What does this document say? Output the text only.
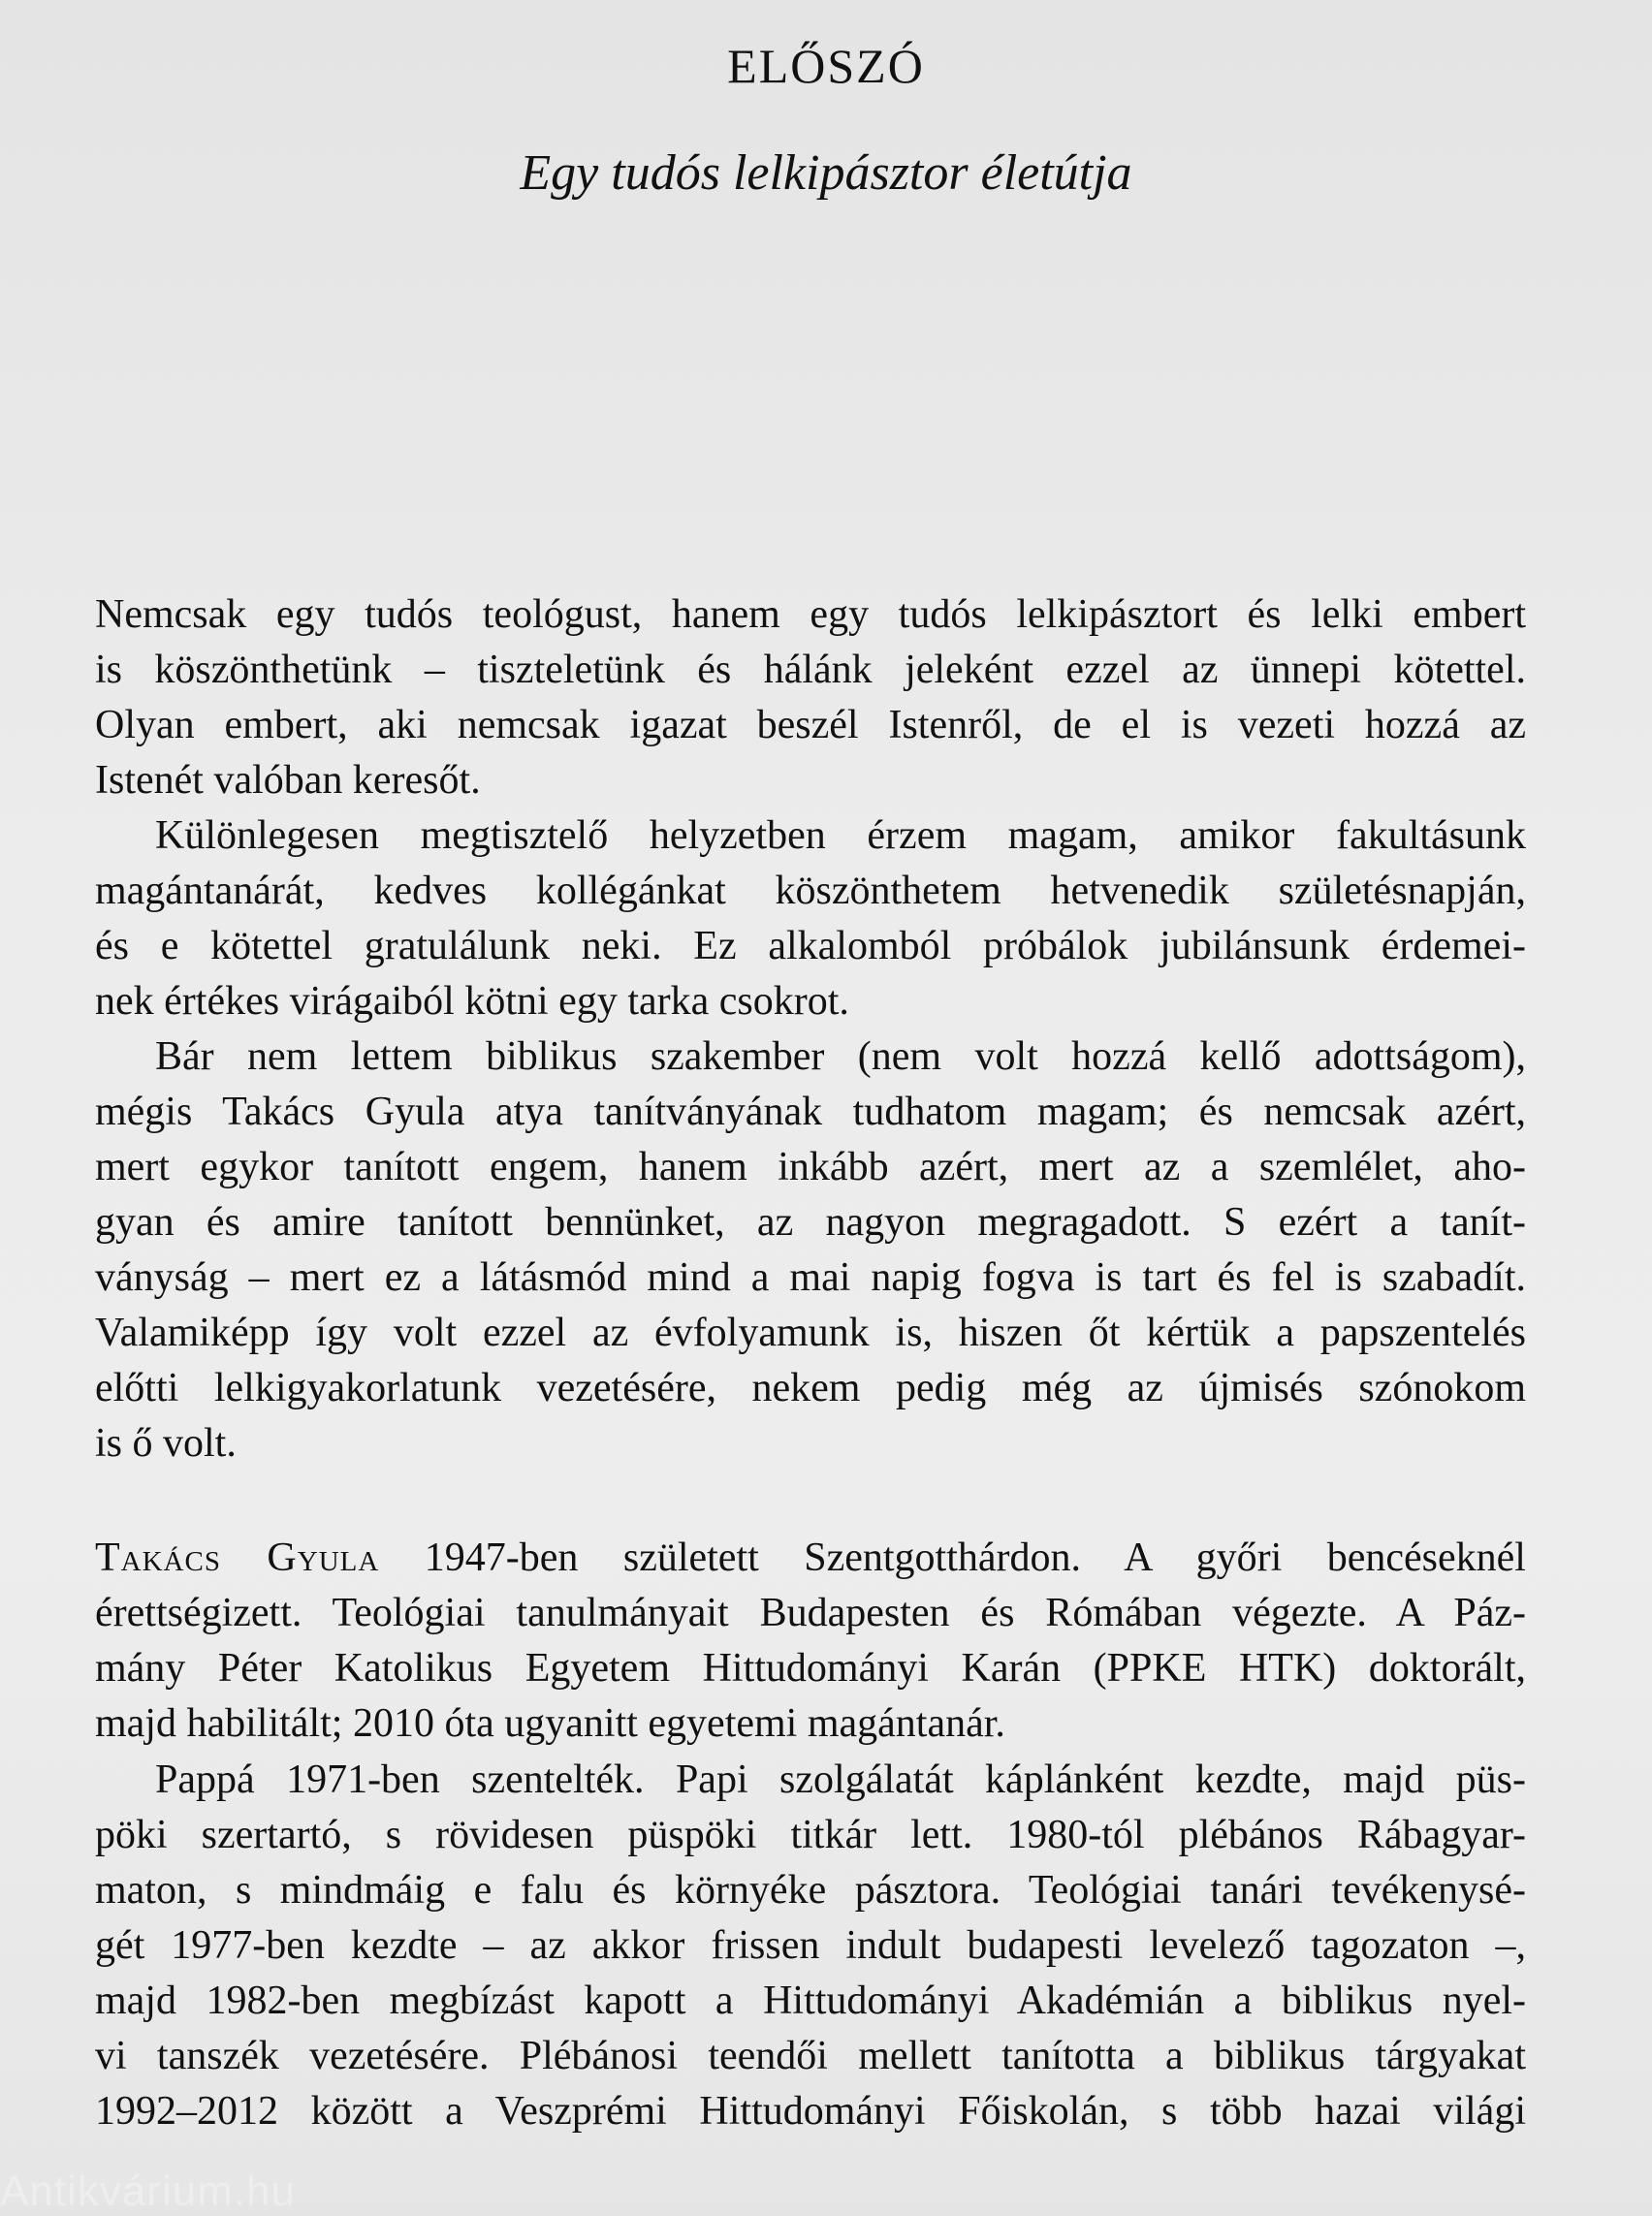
ELŐSZÓ
Egy tudós lelkipásztor életútja
Nemcsak egy tudós teológust, hanem egy tudós lelkipásztort és lelki embert
is köszönthetünk – tiszteletünk és hálánk jeleként ezzel az ünnepi kötettel.
Olyan embert, aki nemcsak igazat beszél Istenről, de el is vezeti hozzá az
Istenét valóban keresőt.
Különlegesen megtisztelő helyzetben érzem magam, amikor fakultásunk
magántanárát, kedves kollégánkat köszönthetem hetvenedik születésnapján,
és e kötettel gratulálunk neki. Ez alkalomból próbálok jubilánsunk érdemei-
nek értékes virágaiból kötni egy tarka csokrot.
Bár nem lettem biblikus szakember (nem volt hozzá kellő adottságom),
mégis Takács Gyula atya tanítványának tudhatom magam; és nemcsak azért,
mert egykor tanított engem, hanem inkább azért, mert az a szemlélet, aho-
gyan és amire tanított bennünket, az nagyon megragadott. S ezért a tanít-
ványság – mert ez a látásmód mind a mai napig fogva is tart és fel is szabadít.
Valamiképp így volt ezzel az évfolyamunk is, hiszen őt kértük a papszentelés
előtti lelkigyakorlatunk vezetésére, nekem pedig még az újmisés szónokom
is ő volt.
Takács Gyula 1947-ben született Szentgotthárdon. A győri bencéseknél
érettségizett. Teológiai tanulmányait Budapesten és Rómában végezte. A Páz-
mány Péter Katolikus Egyetem Hittudományi Karán (PPKE HTK) doktorált,
majd habilitált; 2010 óta ugyanitt egyetemi magántanár.
Pappá 1971-ben szentelték. Papi szolgálatát káplánként kezdte, majd püs-
pöki szertartó, s rövidesen püspöki titkár lett. 1980-tól plébános Rábagyar-
maton, s mindmáig e falu és környéke pásztora. Teológiai tanári tevékenysé-
gét 1977-ben kezdte – az akkor frissen indult budapesti levelező tagozaton –,
majd 1982-ben megbízást kapott a Hittudományi Akadémián a biblikus nyel-
vi tanszék vezetésére. Plébánosi teendői mellett tanította a biblikus tárgyakat
1992–2012 között a Veszprémi Hittudományi Főiskolán, s több hazai világi
Antikvárium.hu
